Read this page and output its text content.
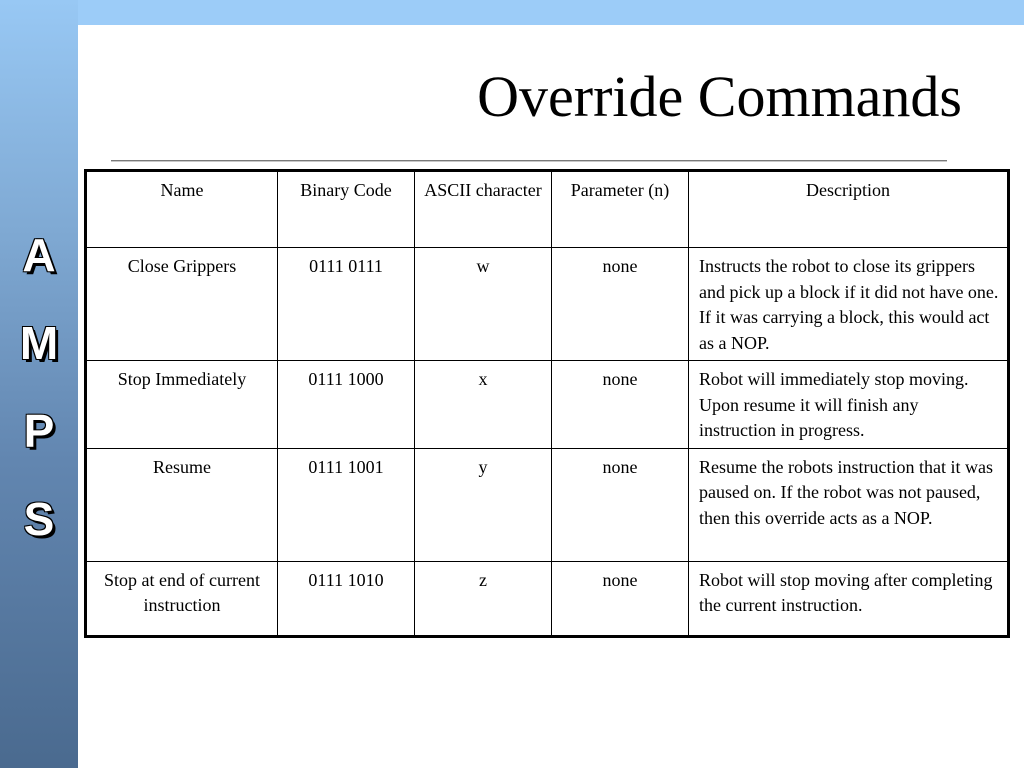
A
M
P
S
Override Commands
Name	Binary Code	ASCII character	Parameter (n)	Description
Close Grippers	0111 0111	w	none	Instructs the robot to close its grippers and pick up a block if it did not have one. If it was carrying a block, this would act as a NOP.
Stop Immediately	0111 1000	x	none	Robot will immediately stop moving. Upon resume it will finish any instruction in progress.
Resume	0111 1001	y	none	Resume the robots instruction that it was paused on. If the robot was not paused, then this override acts as a NOP.
Stop at end of current instruction	0111 1010	z	none	Robot will stop moving after completing the current instruction.
